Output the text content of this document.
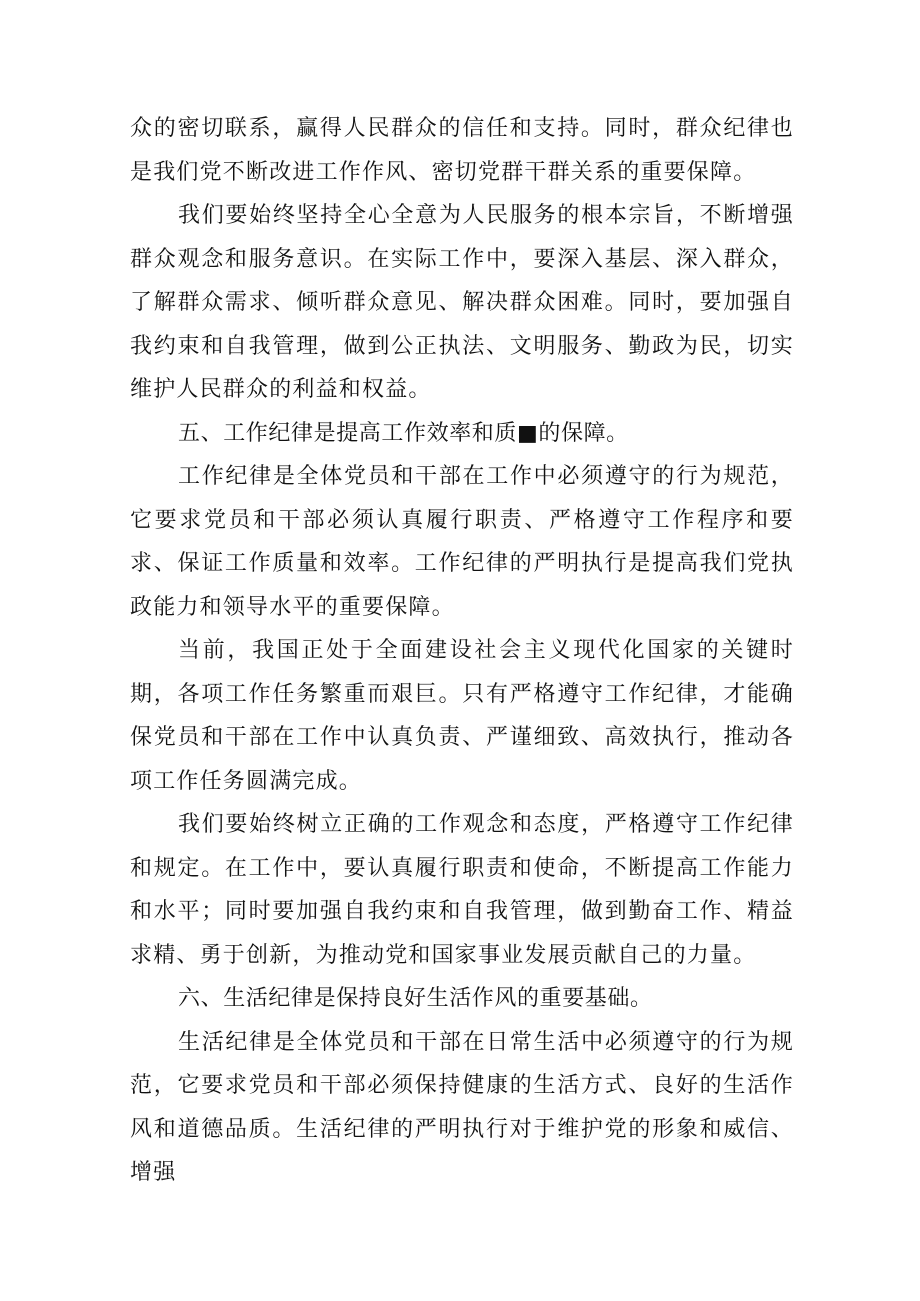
众的密切联系，赢得人民群众的信任和支持。同时，群众纪律也是我们党不断改进工作作风、密切党群干群关系的重要保障。

我们要始终坚持全心全意为人民服务的根本宗旨，不断增强群众观念和服务意识。在实际工作中，要深入基层、深入群众，了解群众需求、倾听群众意见、解决群众困难。同时，要加强自我约束和自我管理，做到公正执法、文明服务、勤政为民，切实维护人民群众的利益和权益。

五、工作纪律是提高工作效率和质■的保障。

工作纪律是全体党员和干部在工作中必须遵守的行为规范，它要求党员和干部必须认真履行职责、严格遵守工作程序和要求、保证工作质量和效率。工作纪律的严明执行是提高我们党执政能力和领导水平的重要保障。

当前，我国正处于全面建设社会主义现代化国家的关键时期，各项工作任务繁重而艰巨。只有严格遵守工作纪律，才能确保党员和干部在工作中认真负责、严谨细致、高效执行，推动各项工作任务圆满完成。

我们要始终树立正确的工作观念和态度，严格遵守工作纪律和规定。在工作中，要认真履行职责和使命，不断提高工作能力和水平；同时要加强自我约束和自我管理，做到勤奋工作、精益求精、勇于创新，为推动党和国家事业发展贡献自己的力量。

六、生活纪律是保持良好生活作风的重要基础。

生活纪律是全体党员和干部在日常生活中必须遵守的行为规范，它要求党员和干部必须保持健康的生活方式、良好的生活作风和道德品质。生活纪律的严明执行对于维护党的形象和威信、增强
